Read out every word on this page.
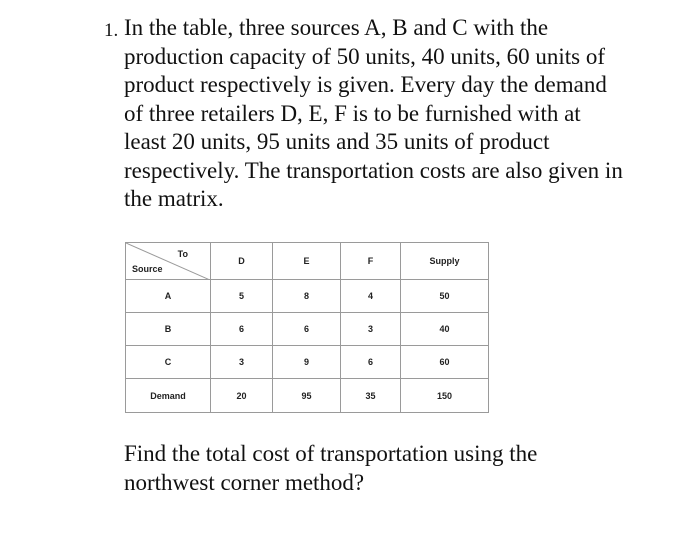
1. In the table, three sources A, B and C with the production capacity of 50 units, 40 units, 60 units of product respectively is given. Every day the demand of three retailers D, E, F is to be furnished with at least 20 units, 95 units and 35 units of product respectively. The transportation costs are also given in the matrix.
To
Source	D	E	F	Supply
A	5	8	4	50
B	6	6	3	40
C	3	9	6	60
Demand	20	95	35	150
Find the total cost of transportation using the northwest corner method?
